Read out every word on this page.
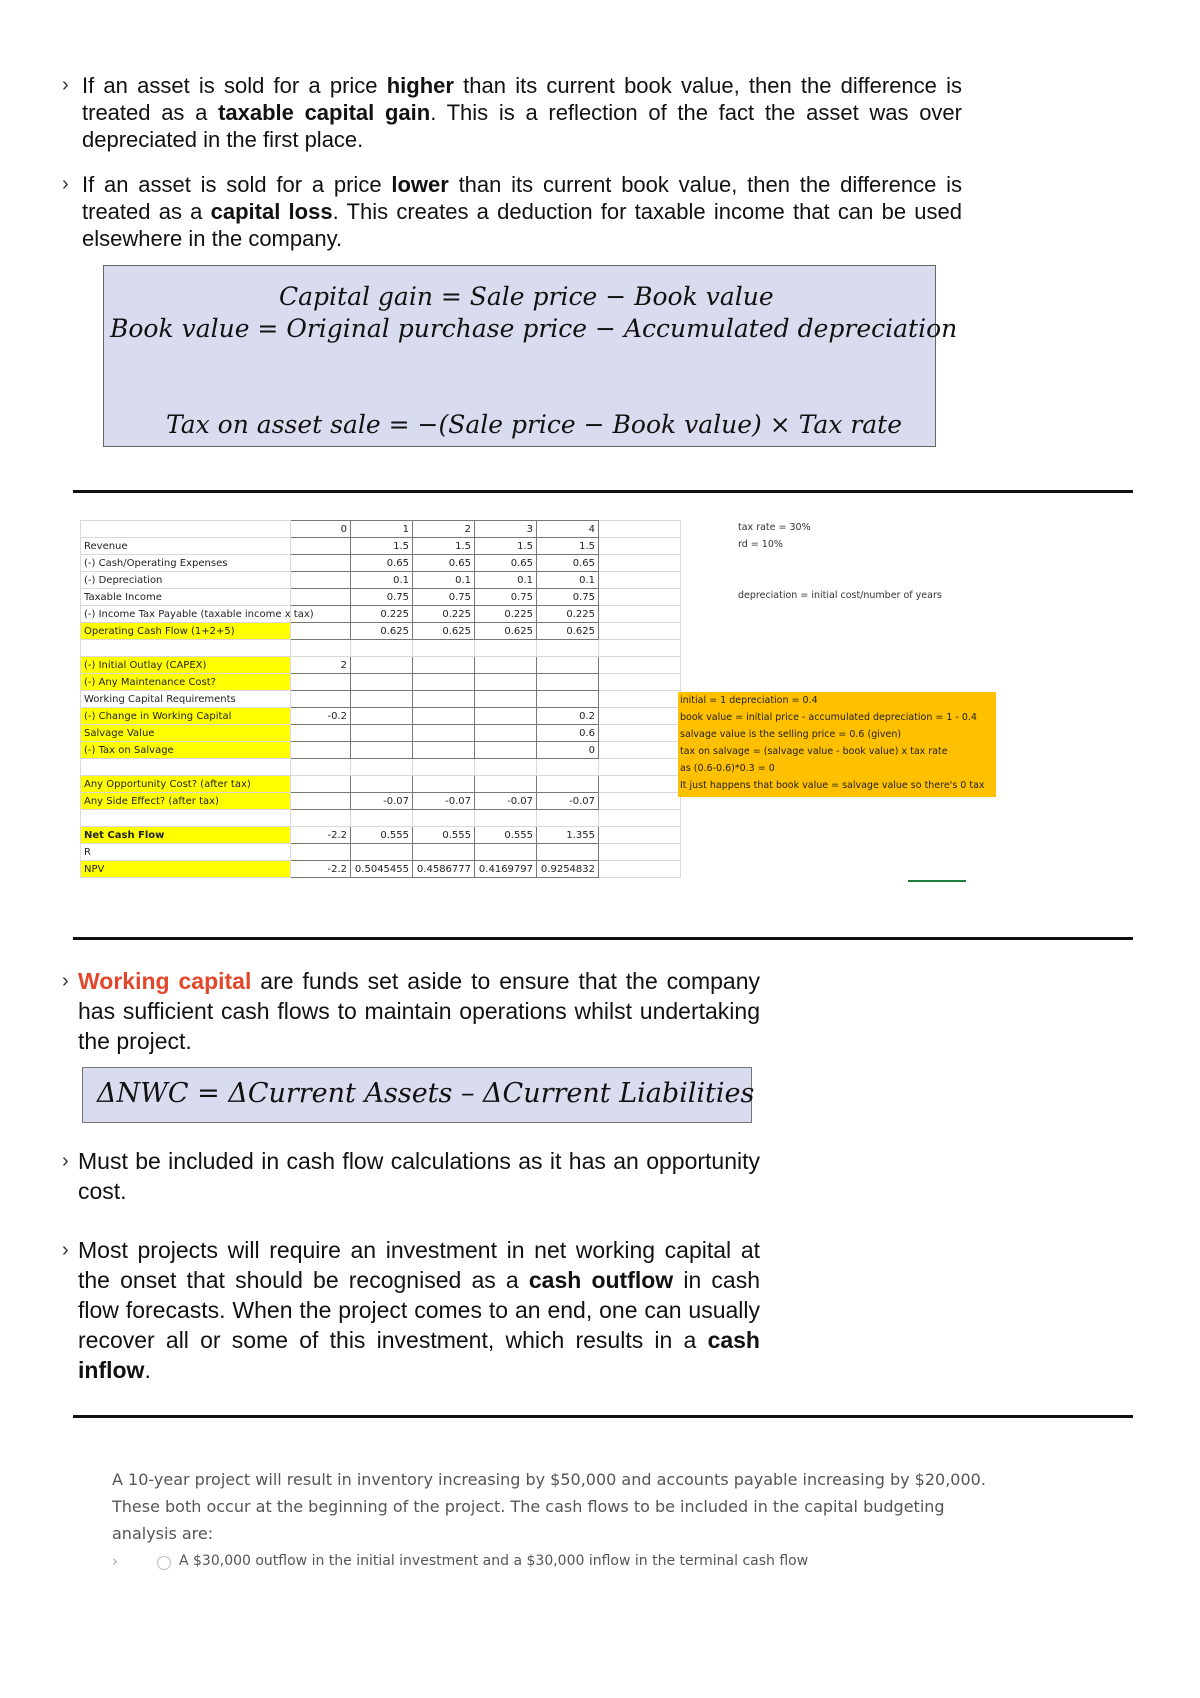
› If an asset is sold for a price higher than its current book value, then the difference is treated as a taxable capital gain. This is a reflection of the fact the asset was over depreciated in the first place.
› If an asset is sold for a price lower than its current book value, then the difference is treated as a capital loss. This creates a deduction for taxable income that can be used elsewhere in the company.
Capital gain = Sale price − Book value
Book value = Original purchase price − Accumulated depreciation
Tax on asset sale = −(Sale price − Book value) × Tax rate
	0	1	2	3	4	
Revenue		1.5	1.5	1.5	1.5	
(-) Cash/Operating Expenses		0.65	0.65	0.65	0.65	
(-) Depreciation		0.1	0.1	0.1	0.1	
Taxable Income		0.75	0.75	0.75	0.75	
(-) Income Tax Payable (taxable income x tax)		0.225	0.225	0.225	0.225	
Operating Cash Flow (1+2+5)		0.625	0.625	0.625	0.625	

(-) Initial Outlay (CAPEX)	2					
(-) Any Maintenance Cost?						
Working Capital Requirements						
(-) Change in Working Capital	-0.2				0.2	
Salvage Value					0.6	
(-) Tax on Salvage					0	

Any Opportunity Cost? (after tax)						
Any Side Effect? (after tax)		-0.07	-0.07	-0.07	-0.07	

Net Cash Flow	-2.2	0.555	0.555	0.555	1.355	
R						
NPV	-2.2	0.5045455	0.4586777	0.4169797	0.9254832	
tax rate = 30%
rd = 10%
depreciation = initial cost/number of years
initial = 1 depreciation = 0.4
book value = initial price - accumulated depreciation = 1 - 0.4
salvage value is the selling price = 0.6 (given)
tax on salvage = (salvage value - book value) x tax rate
as (0.6-0.6)*0.3 = 0
It just happens that book value = salvage value so there's 0 tax
› Working capital are funds set aside to ensure that the company has sufficient cash flows to maintain operations whilst undertaking the project.
ΔNWC = ΔCurrent Assets – ΔCurrent Liabilities
› Must be included in cash flow calculations as it has an opportunity cost.
› Most projects will require an investment in net working capital at the onset that should be recognised as a cash outflow in cash flow forecasts. When the project comes to an end, one can usually recover all or some of this investment, which results in a cash inflow.
A 10-year project will result in inventory increasing by $50,000 and accounts payable increasing by $20,000. These both occur at the beginning of the project. The cash flows to be included in the capital budgeting analysis are:
›	A $30,000 outflow in the initial investment and a $30,000 inflow in the terminal cash flow
